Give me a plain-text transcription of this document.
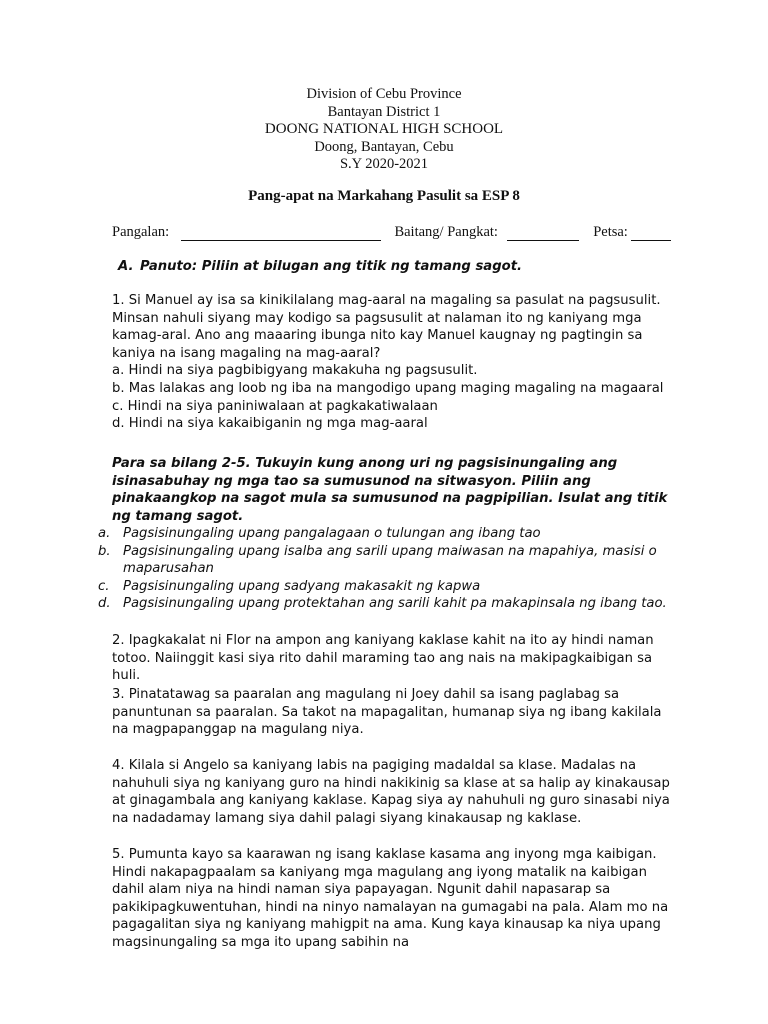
Division of Cebu Province
Bantayan District 1
DOONG NATIONAL HIGH SCHOOL
Doong, Bantayan, Cebu
S.Y 2020-2021
Pang-apat na Markahang Pasulit sa ESP 8
Pangalan:	Baitang/ Pangkat:	Petsa:
A. Panuto: Piliin at bilugan ang titik ng tamang sagot.

1. Si Manuel ay isa sa kinikilalang mag-aaral na magaling sa pasulat na pagsusulit. Minsan nahuli siyang may kodigo sa pagsusulit at nalaman ito ng kaniyang mga kamag-aral. Ano ang maaaring ibunga nito kay Manuel kaugnay ng pagtingin sa kaniya na isang magaling na mag-aaral?

a. Hindi na siya pagbibigyang makakuha ng pagsusulit.

b. Mas lalakas ang loob ng iba na mangodigo upang maging magaling na magaaral

c. Hindi na siya paniniwalaan at pagkakatiwalaan

d. Hindi na siya kakaibiganin ng mga mag-aaral

Para sa bilang 2-5. Tukuyin kung anong uri ng pagsisinungaling ang isinasabuhay ng mga tao sa sumusunod na sitwasyon. Piliin ang pinakaangkop na sagot mula sa sumusunod na pagpipilian. Isulat ang titik ng tamang sagot.
a. Pagsisinungaling upang pangalagaan o tulungan ang ibang tao
b. Pagsisinungaling upang isalba ang sarili upang maiwasan na mapahiya, masisi o maparusahan
c. Pagsisinungaling upang sadyang makasakit ng kapwa
d. Pagsisinungaling upang protektahan ang sarili kahit pa makapinsala ng ibang tao.
2. Ipagkakalat ni Flor na ampon ang kaniyang kaklase kahit na ito ay hindi naman totoo. Naiinggit kasi siya rito dahil maraming tao ang nais na makipagkaibigan sa huli.
3. Pinatatawag sa paaralan ang magulang ni Joey dahil sa isang paglabag sa panuntunan sa paaralan. Sa takot na mapagalitan, humanap siya ng ibang kakilala na magpapanggap na magulang niya.
4. Kilala si Angelo sa kaniyang labis na pagiging madaldal sa klase. Madalas na nahuhuli siya ng kaniyang guro na hindi nakikinig sa klase at sa halip ay kinakausap at ginagambala ang kaniyang kaklase. Kapag siya ay nahuhuli ng guro sinasabi niya na nadadamay lamang siya dahil palagi siyang kinakausap ng kaklase.
5. Pumunta kayo sa kaarawan ng isang kaklase kasama ang inyong mga kaibigan. Hindi nakapagpaalam sa kaniyang mga magulang ang iyong matalik na kaibigan dahil alam niya na hindi naman siya papayagan. Ngunit dahil napasarap sa pakikipagkuwentuhan, hindi na ninyo namalayan na gumagabi na pala. Alam mo na pagagalitan siya ng kaniyang mahigpit na ama. Kung kaya kinausap ka niya upang magsinungaling sa mga ito upang sabihin na
